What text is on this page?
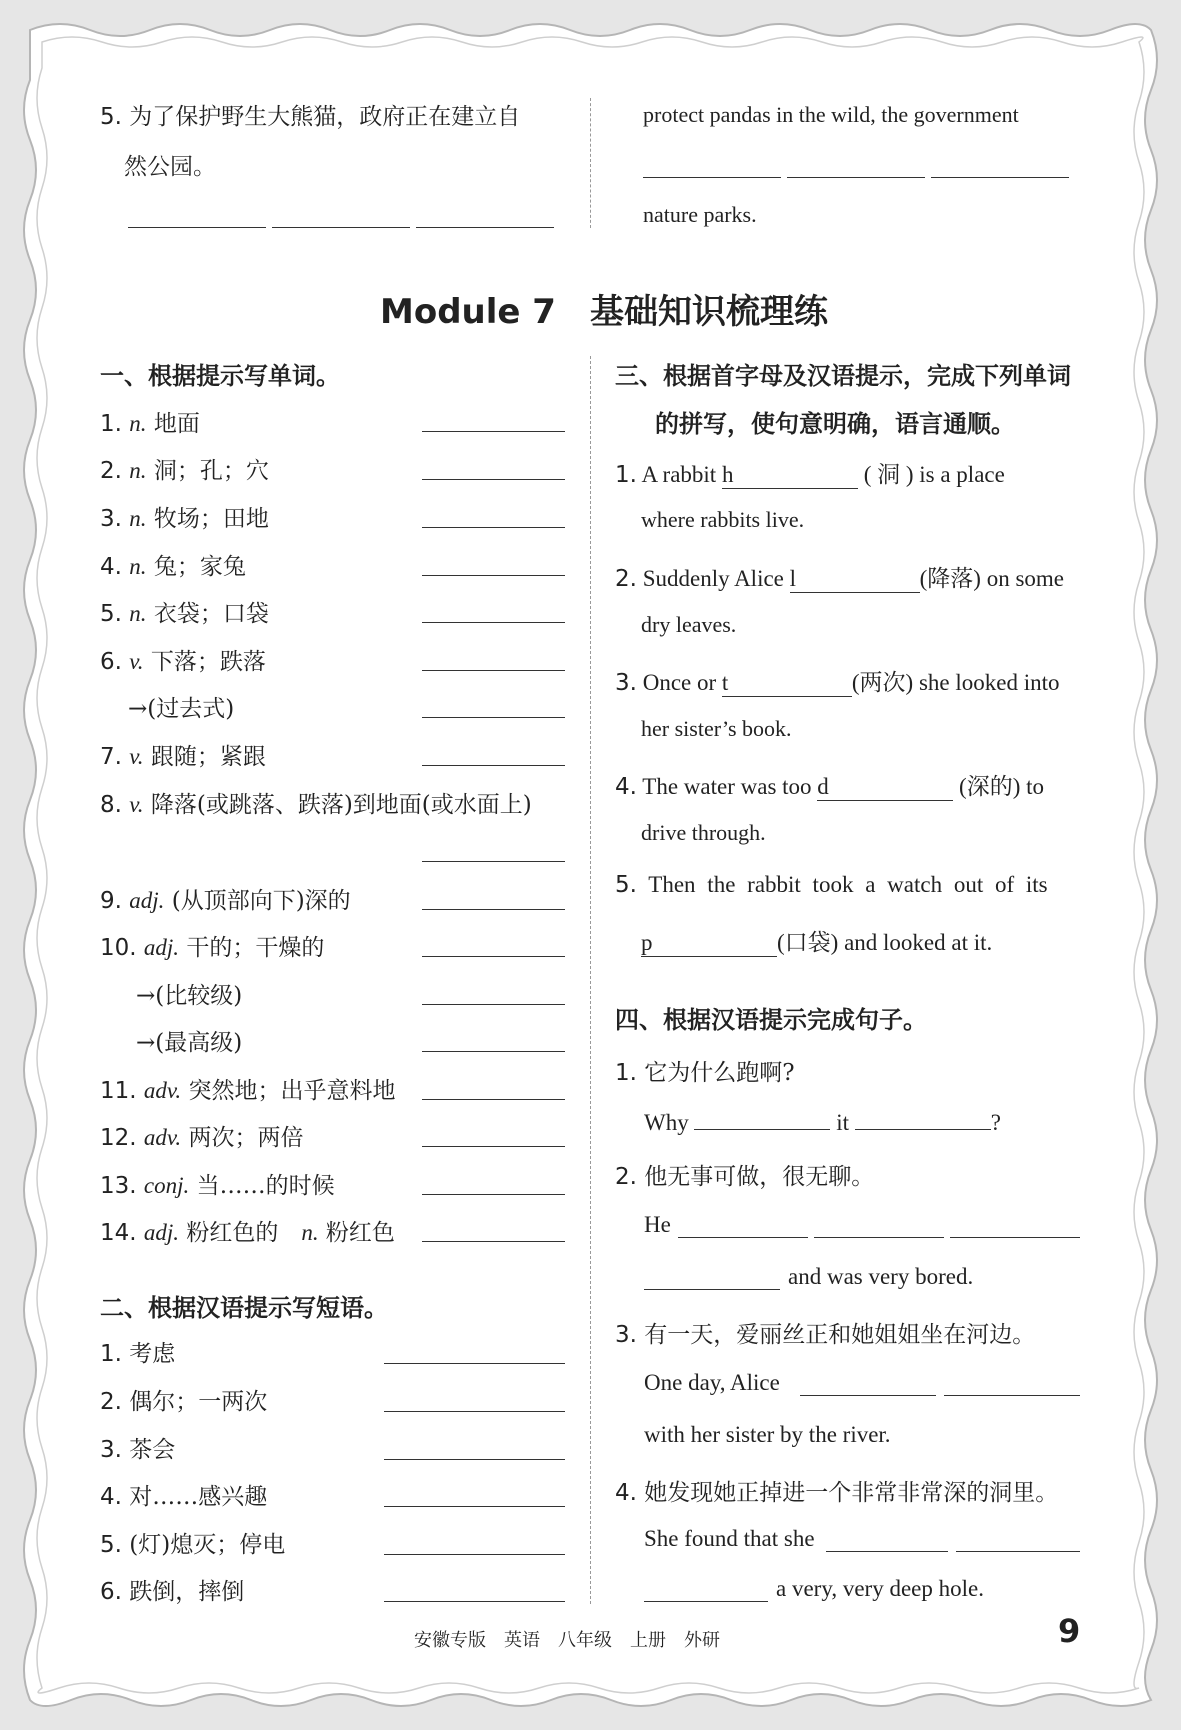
5. 为了保护野生大熊猫，政府正在建立自
然公园。
protect pandas in the wild, the government
nature parks.
Module 7　基础知识梳理练
一、根据提示写单词。
1. n. 地面
2. n. 洞；孔；穴
3. n. 牧场；田地
4. n. 兔；家兔
5. n. 衣袋；口袋
6. v. 下落；跌落
→(过去式)
7. v. 跟随；紧跟
8. v. 降落(或跳落、跌落)到地面(或水面上)
9. adj. (从顶部向下)深的
10. adj. 干的；干燥的
→(比较级)
→(最高级)
11. adv. 突然地；出乎意料地
12. adv. 两次；两倍
13. conj. 当……的时候
14. adj. 粉红色的　 n. 粉红色
二、根据汉语提示写短语。
1. 考虑
2. 偶尔；一两次
3. 茶会
4. 对……感兴趣
5. (灯)熄灭；停电
6. 跌倒，摔倒
三、根据首字母及汉语提示，完成下列单词
的拼写，使句意明确，语言通顺。
1. A rabbit h	( 洞 ) is a place
where rabbits live.
2. Suddenly Alice l	(降落) on some
dry leaves.
3. Once or t	(两次) she looked into
her sister’s book.
4. The water was too d	(深的) to
drive through.
5. Then the rabbit took a watch out of its
p	(口袋) and looked at it.
四、根据汉语提示完成句子。
1. 它为什么跑啊?
Why	it	?
2. 他无事可做，很无聊。
He
and was very bored.
3. 有一天，爱丽丝正和她姐姐坐在河边。
One day, Alice
with her sister by the river.
4. 她发现她正掉进一个非常非常深的洞里。
She found that she
a very, very deep hole.
安徽专版　英语　八年级　上册　外研	9
